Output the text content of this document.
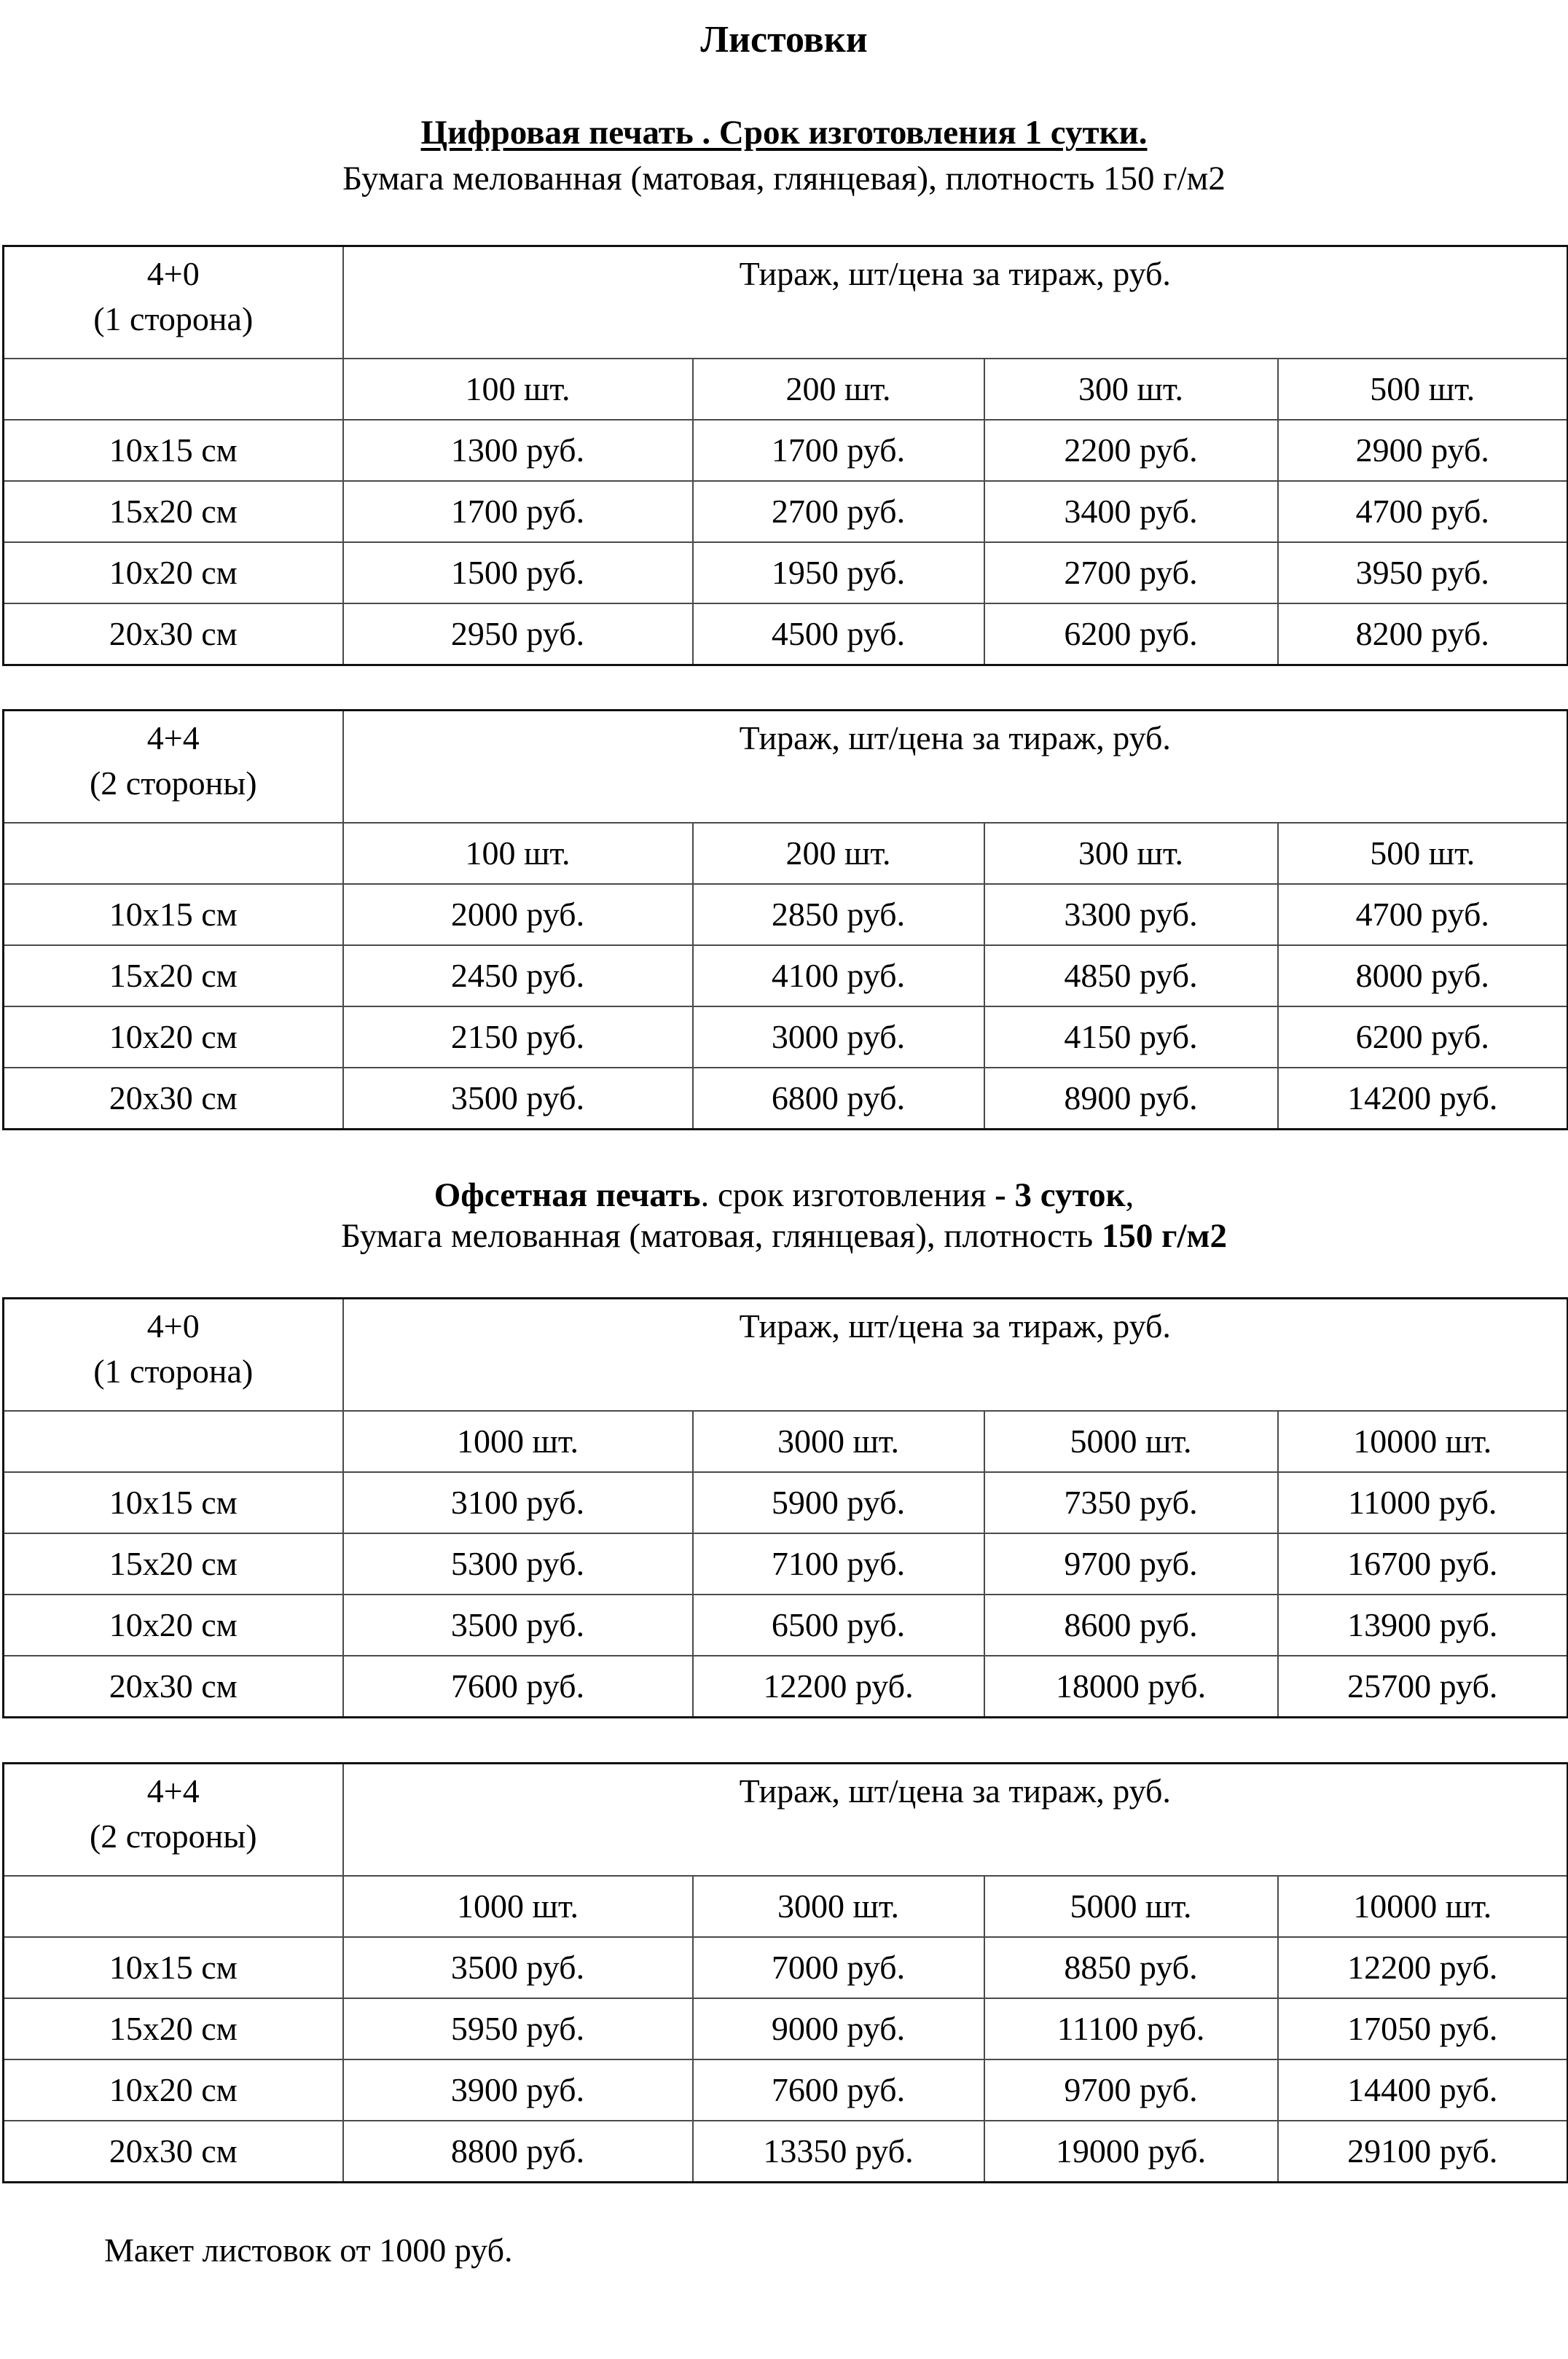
Листовки
Цифровая печать . Срок изготовления 1 сутки.
Бумага мелованная (матовая, глянцевая), плотность 150 г/м2
4+0
(1 сторона)	Тираж, шт/цена за тираж, руб.			
	100 шт.	200 шт.	300 шт.	500 шт.
10х15 см	1300 руб.	1700 руб.	2200 руб.	2900 руб.
15х20 см	1700 руб.	2700 руб.	3400 руб.	4700 руб.
10х20 см	1500 руб.	1950 руб.	2700 руб.	3950 руб.
20х30 см	2950 руб.	4500 руб.	6200 руб.	8200 руб.
4+4
(2 стороны)	Тираж, шт/цена за тираж, руб.			
	100 шт.	200 шт.	300 шт.	500 шт.
10х15 см	2000 руб.	2850 руб.	3300 руб.	4700 руб.
15х20 см	2450 руб.	4100 руб.	4850 руб.	8000 руб.
10х20 см	2150 руб.	3000 руб.	4150 руб.	6200 руб.
20х30 см	3500 руб.	6800 руб.	8900 руб.	14200 руб.
Офсетная печать. срок изготовления - 3 суток,
Бумага мелованная (матовая, глянцевая), плотность 150 г/м2
4+0
(1 сторона)	Тираж, шт/цена за тираж, руб.			
	1000 шт.	3000 шт.	5000 шт.	10000 шт.
10х15 см	3100 руб.	5900 руб.	7350 руб.	11000 руб.
15х20 см	5300 руб.	7100 руб.	9700 руб.	16700 руб.
10х20 см	3500 руб.	6500 руб.	8600 руб.	13900 руб.
20х30 см	7600 руб.	12200 руб.	18000 руб.	25700 руб.
4+4
(2 стороны)	Тираж, шт/цена за тираж, руб.			
	1000 шт.	3000 шт.	5000 шт.	10000 шт.
10х15 см	3500 руб.	7000 руб.	8850 руб.	12200 руб.
15х20 см	5950 руб.	9000 руб.	11100 руб.	17050 руб.
10х20 см	3900 руб.	7600 руб.	9700 руб.	14400 руб.
20х30 см	8800 руб.	13350 руб.	19000 руб.	29100 руб.
Макет листовок от 1000 руб.
